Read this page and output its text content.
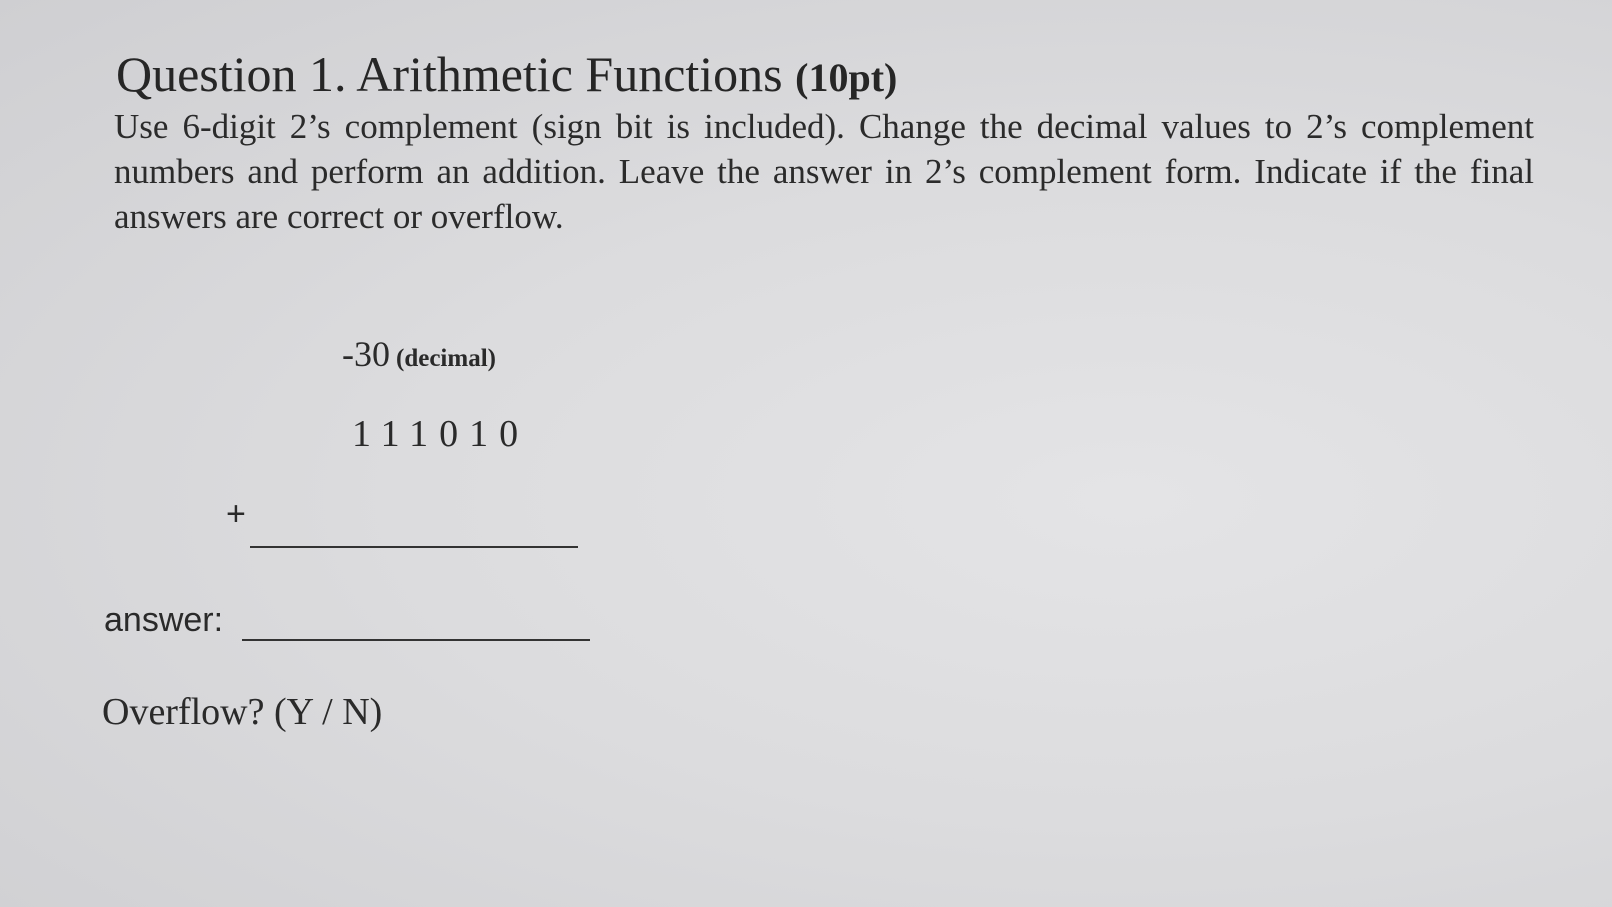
Question 1. Arithmetic Functions (10pt)
Use 6-digit 2’s complement (sign bit is included). Change the decimal values to 2’s complement numbers and perform an addition. Leave the answer in 2’s complement form. Indicate if the final answers are correct or overflow.
-30 (decimal)
111010
+
answer:
Overflow? (Y / N)
